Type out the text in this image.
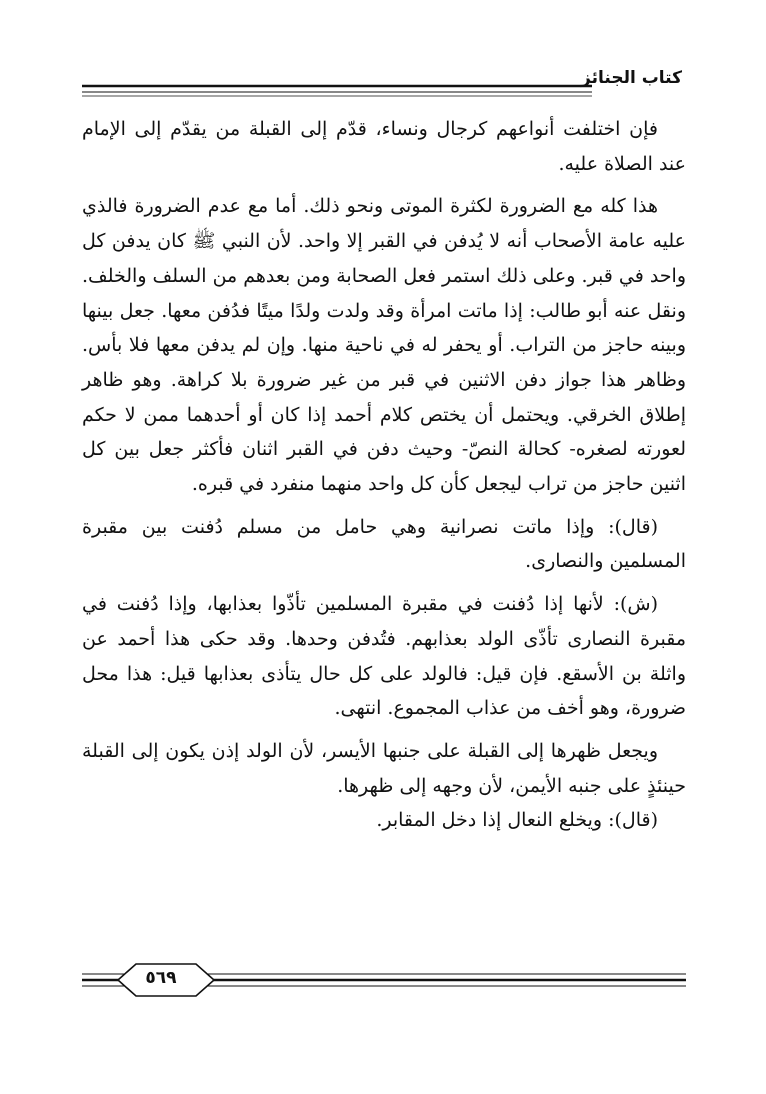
كتاب الجنائز

فإن اختلفت أنواعهم كرجال ونساء، قدّم إلى القبلة من يقدّم إلى الإمام عند الصلاة عليه.

هذا كله مع الضرورة لكثرة الموتى ونحو ذلك. أما مع عدم الضرورة فالذي عليه عامة الأصحاب أنه لا يُدفن في القبر إلا واحد. لأن النبي ﷺ كان يدفن كل واحد في قبر. وعلى ذلك استمر فعل الصحابة ومن بعدهم من السلف والخلف. ونقل عنه أبو طالب: إذا ماتت امرأة وقد ولدت ولدًا ميتًا فدُفن معها. جعل بينها وبينه حاجز من التراب. أو يحفر له في ناحية منها. وإن لم يدفن معها فلا بأس. وظاهر هذا جواز دفن الاثنين في قبر من غير ضرورة بلا كراهة. وهو ظاهر إطلاق الخرقي. ويحتمل أن يختص كلام أحمد إذا كان أو أحدهما ممن لا حكم لعورته لصغره- كحالة النصّ- وحيث دفن في القبر اثنان فأكثر جعل بين كل اثنين حاجز من تراب ليجعل كأن كل واحد منهما منفرد في قبره.

(قال): وإذا ماتت نصرانية وهي حامل من مسلم دُفنت بين مقبرة المسلمين والنصارى.

(ش): لأنها إذا دُفنت في مقبرة المسلمين تأذّوا بعذابها، وإذا دُفنت في مقبرة النصارى تأذّى الولد بعذابهم. فتُدفن وحدها. وقد حكى هذا أحمد عن واثلة بن الأسقع. فإن قيل: فالولد على كل حال يتأذى بعذابها قيل: هذا محل ضرورة، وهو أخف من عذاب المجموع. انتهى.

ويجعل ظهرها إلى القبلة على جنبها الأيسر، لأن الولد إذن يكون إلى القبلة حينئذٍ على جنبه الأيمن، لأن وجهه إلى ظهرها.

(قال): ويخلع النعال إذا دخل المقابر.

٥٦٩
